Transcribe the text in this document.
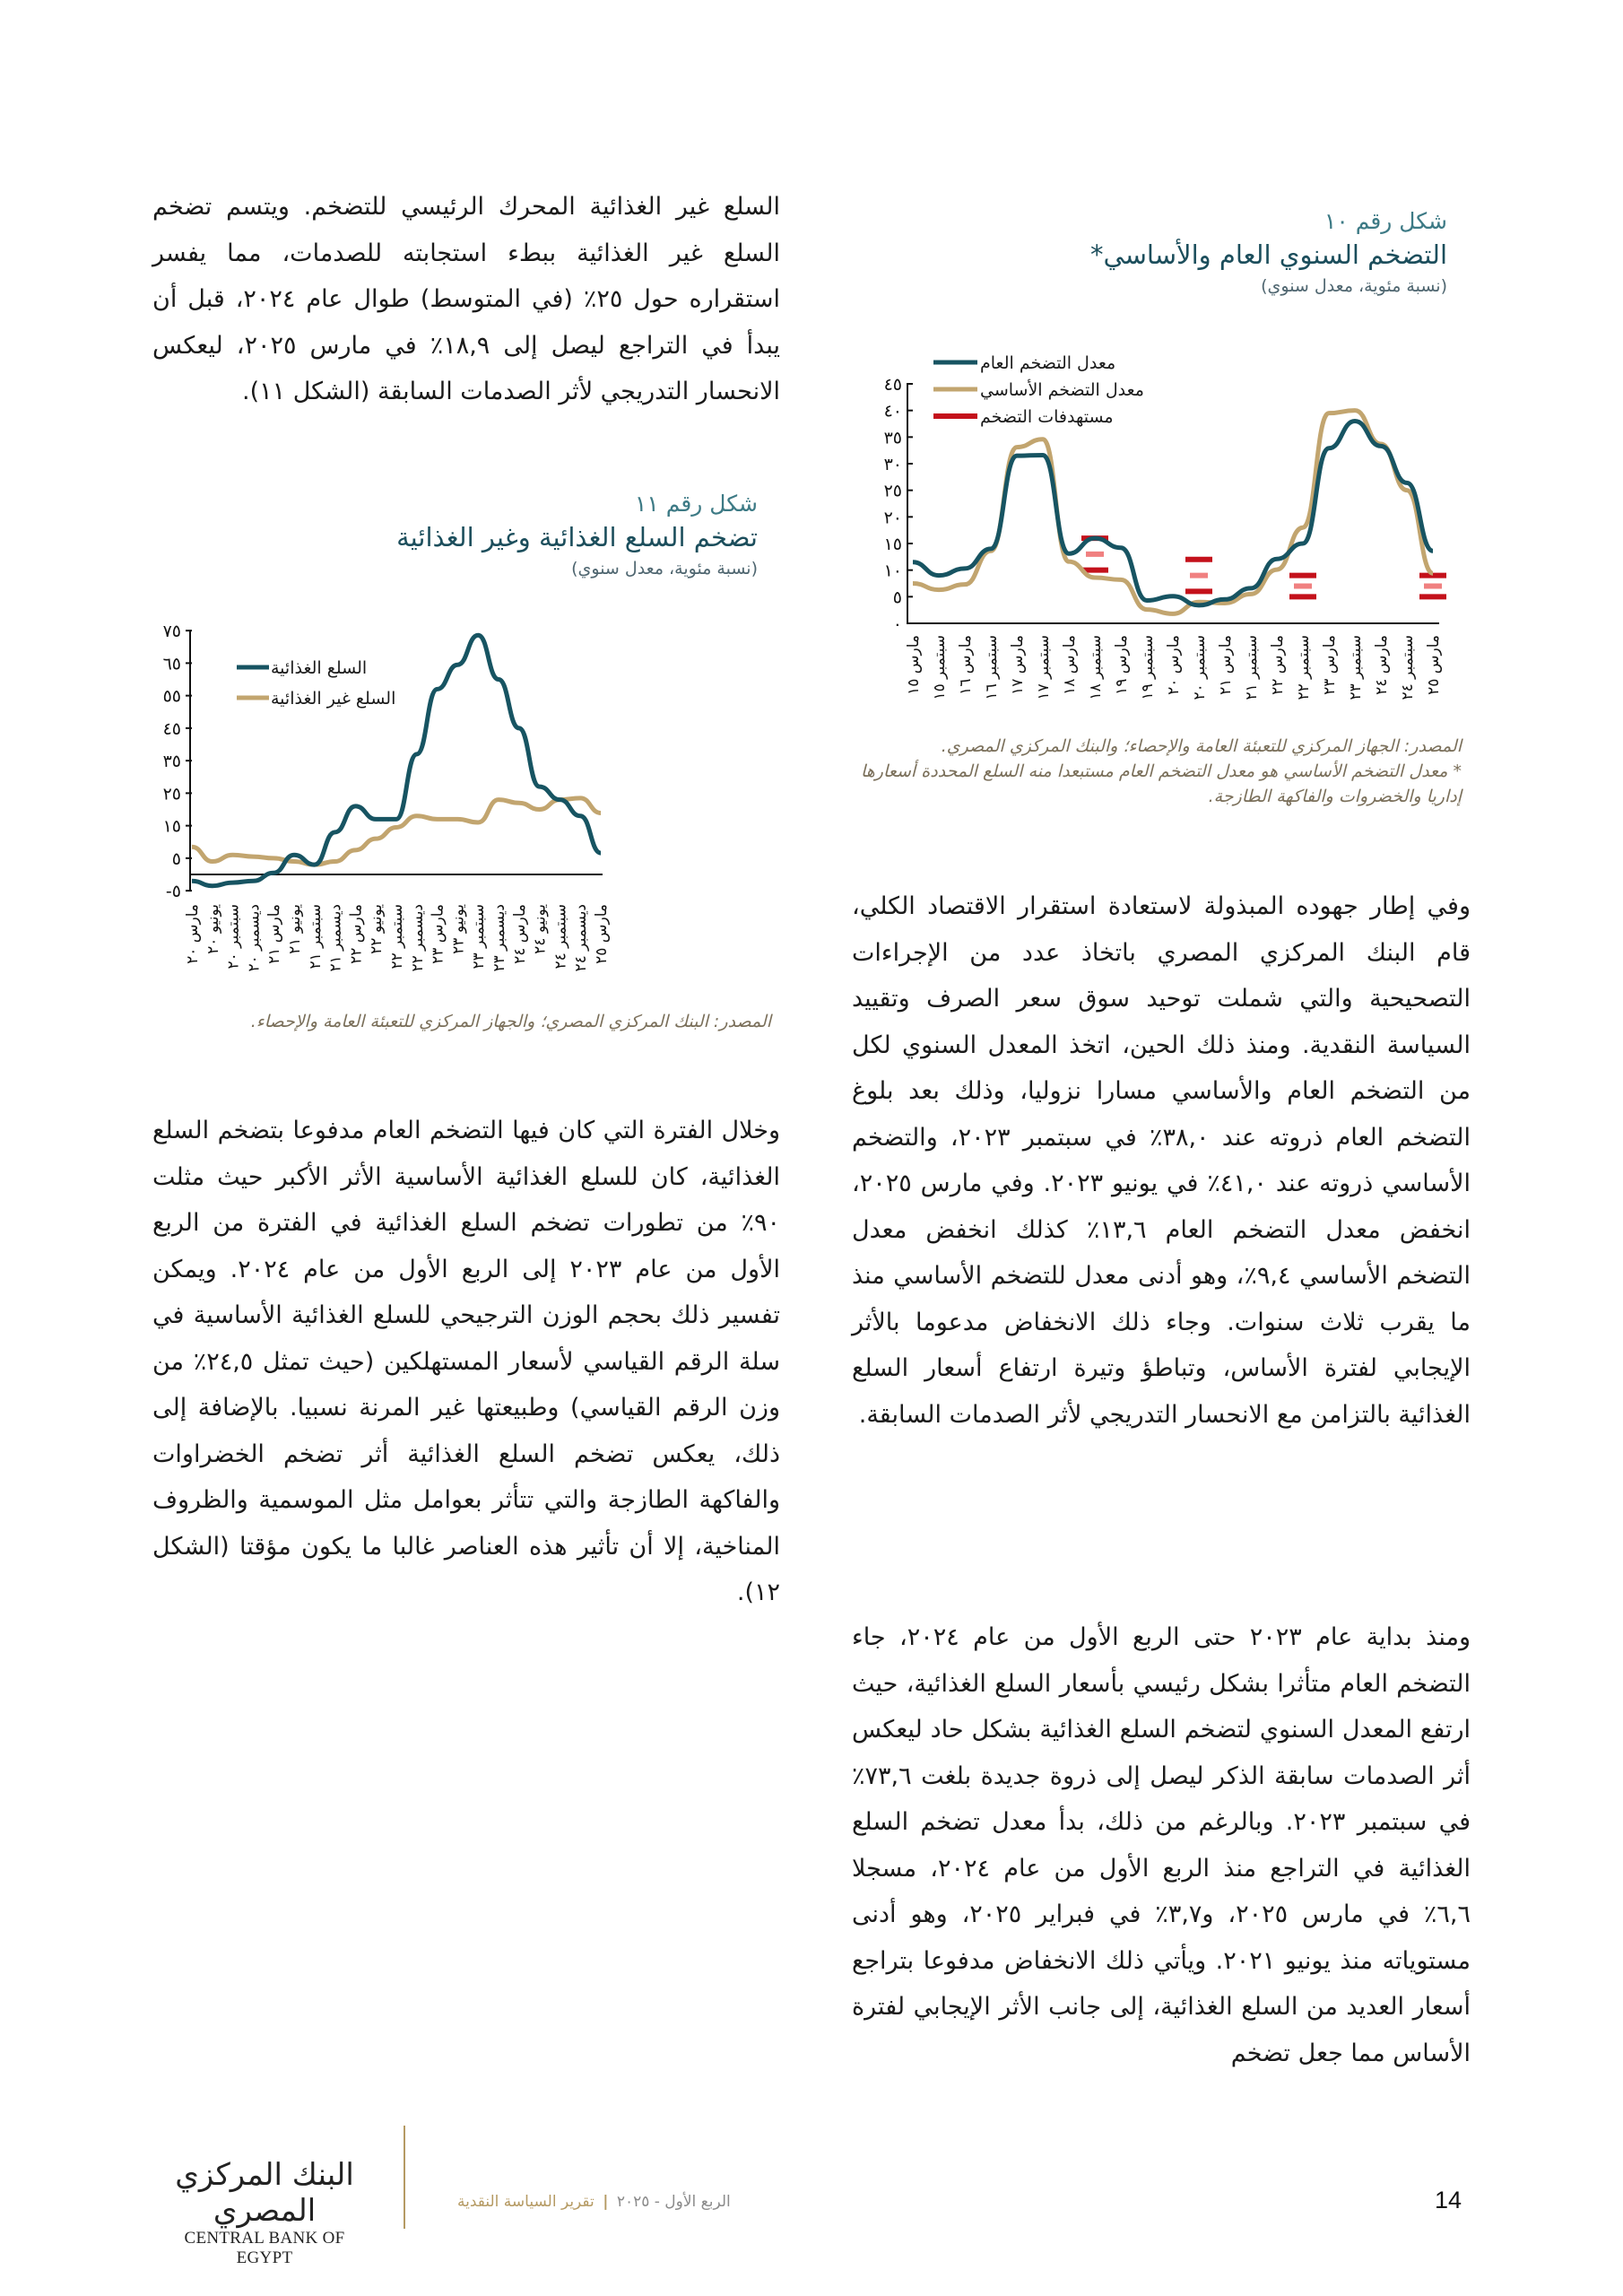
شكل رقم ١٠

التضخم السنوي العام والأساسي*

(نسبة مئوية، معدل سنوي)

٤٥
٤٠
٣٥
٣٠
٢٥
٢٠
١٥
١٠
٥
٠
معدل التضخم العام
معدل التضخم الأساسي
مستهدفات التضخم
مارس ١٥
سبتمبر ١٥
مارس ١٦
سبتمبر ١٦
مارس ١٧
سبتمبر ١٧
مارس ١٨
سبتمبر ١٨
مارس ١٩
سبتمبر ١٩
مارس ٢٠
سبتمبر ٢٠
مارس ٢١
سبتمبر ٢١
مارس ٢٢
سبتمبر ٢٢
مارس ٢٣
سبتمبر ٢٣
مارس ٢٤
سبتمبر ٢٤
مارس ٢٥

المصدر: الجهاز المركزي للتعبئة العامة والإحصاء؛ والبنك المركزي المصري.

* معدل التضخم الأساسي هو معدل التضخم العام مستبعدا منه السلع المحددة أسعارها إداريا والخضروات والفاكهة الطازجة.

وفي إطار جهوده المبذولة لاستعادة استقرار الاقتصاد الكلي، قام البنك المركزي المصري باتخاذ عدد من الإجراءات التصحيحية والتي شملت توحيد سوق سعر الصرف وتقييد السياسة النقدية. ومنذ ذلك الحين، اتخذ المعدل السنوي لكل من التضخم العام والأساسي مسارا نزوليا، وذلك بعد بلوغ التضخم العام ذروته عند ٣٨,٠٪ في سبتمبر ٢٠٢٣، والتضخم الأساسي ذروته عند ٤١,٠٪ في يونيو ٢٠٢٣. وفي مارس ٢٠٢٥، انخفض معدل التضخم العام ١٣,٦٪ كذلك انخفض معدل التضخم الأساسي ٩,٤٪، وهو أدنى معدل للتضخم الأساسي منذ ما يقرب ثلاث سنوات. وجاء ذلك الانخفاض مدعوما بالأثر الإيجابي لفترة الأساس، وتباطؤ وتيرة ارتفاع أسعار السلع الغذائية بالتزامن مع الانحسار التدريجي لأثر الصدمات السابقة.

ومنذ بداية عام ٢٠٢٣ حتى الربع الأول من عام ٢٠٢٤، جاء التضخم العام متأثرا بشكل رئيسي بأسعار السلع الغذائية، حيث ارتفع المعدل السنوي لتضخم السلع الغذائية بشكل حاد ليعكس أثر الصدمات سابقة الذكر ليصل إلى ذروة جديدة بلغت ٧٣,٦٪ في سبتمبر ٢٠٢٣. وبالرغم من ذلك، بدأ معدل تضخم السلع الغذائية في التراجع منذ الربع الأول من عام ٢٠٢٤، مسجلا ٦,٦٪ في مارس ٢٠٢٥، و٣,٧٪ في فبراير ٢٠٢٥، وهو أدنى مستوياته منذ يونيو ٢٠٢١. ويأتي ذلك الانخفاض مدفوعا بتراجع أسعار العديد من السلع الغذائية، إلى جانب الأثر الإيجابي لفترة الأساس مما جعل تضخم

السلع غير الغذائية المحرك الرئيسي للتضخم. ويتسم تضخم السلع غير الغذائية ببطء استجابته للصدمات، مما يفسر استقراره حول ٢٥٪ (في المتوسط) طوال عام ٢٠٢٤، قبل أن يبدأ في التراجع ليصل إلى ١٨,٩٪ في مارس ٢٠٢٥، ليعكس الانحسار التدريجي لأثر الصدمات السابقة (الشكل ١١).

شكل رقم ١١

تضخم السلع الغذائية وغير الغذائية

(نسبة مئوية، معدل سنوي)

٧٥
٦٥
٥٥
٤٥
٣٥
٢٥
١٥
٥
-٥
السلع الغذائية
السلع غير الغذائية
مارس ٢٠ يونيو ٢٠
سبتمبر ٢٠
ديسمبر ٢٠
مارس ٢١ يونيو ٢١
سبتمبر ٢١
ديسمبر ٢١
مارس ٢٢ يونيو ٢٢
سبتمبر ٢٢
ديسمبر ٢٢
مارس ٢٣ يونيو ٢٣
سبتمبر ٢٣
ديسمبر ٢٣
مارس ٢٤ يونيو ٢٤
سبتمبر ٢٤
ديسمبر ٢٤
مارس ٢٥

المصدر: البنك المركزي المصري؛ والجهاز المركزي للتعبئة العامة والإحصاء.

وخلال الفترة التي كان فيها التضخم العام مدفوعا بتضخم السلع الغذائية، كان للسلع الغذائية الأساسية الأثر الأكبر حيث مثلت ٩٠٪ من تطورات تضخم السلع الغذائية في الفترة من الربع الأول من عام ٢٠٢٣ إلى الربع الأول من عام ٢٠٢٤. ويمكن تفسير ذلك بحجم الوزن الترجيحي للسلع الغذائية الأساسية في سلة الرقم القياسي لأسعار المستهلكين (حيث تمثل ٢٤,٥٪ من وزن الرقم القياسي) وطبيعتها غير المرنة نسبيا. بالإضافة إلى ذلك، يعكس تضخم السلع الغذائية أثر تضخم الخضراوات والفاكهة الطازجة والتي تتأثر بعوامل مثل الموسمية والظروف المناخية، إلا أن تأثير هذه العناصر غالبا ما يكون مؤقتا (الشكل ١٢).

البنك المركزي المصري
CENTRAL BANK OF EGYPT
الربع الأول - ٢٠٢٥ | تقرير السياسة النقدية	14
